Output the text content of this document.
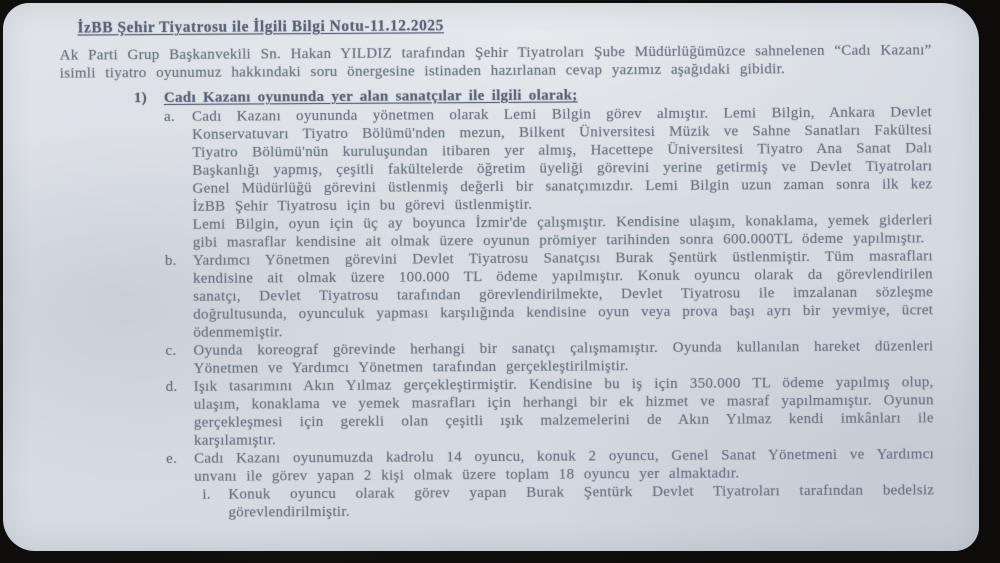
İzBB Şehir Tiyatrosu ile İlgili Bilgi Notu-11.12.2025

Ak Parti Grup Başkanvekili Sn. Hakan YILDIZ tarafından Şehir Tiyatroları Şube Müdürlüğümüzce sahnelenen “Cadı Kazanı” isimli tiyatro oyunumuz hakkındaki soru önergesine istinaden hazırlanan cevap yazımız aşağıdaki gibidir.

1)	Cadı Kazanı oyununda yer alan sanatçılar ile ilgili olarak;
a.	Cadı Kazanı oyununda yönetmen olarak Lemi Bilgin görev almıştır. Lemi Bilgin, Ankara Devlet Konservatuvarı Tiyatro Bölümü'nden mezun, Bilkent Üniversitesi Müzik ve Sahne Sanatları Fakültesi Tiyatro Bölümü'nün kuruluşundan itibaren yer almış, Hacettepe Üniversitesi Tiyatro Ana Sanat Dalı Başkanlığı yapmış, çeşitli fakültelerde öğretim üyeliği görevini yerine getirmiş ve Devlet Tiyatroları Genel Müdürlüğü görevini üstlenmiş değerli bir sanatçımızdır. Lemi Bilgin uzun zaman sonra ilk kez İzBB Şehir Tiyatrosu için bu görevi üstlenmiştir.

Lemi Bilgin, oyun için üç ay boyunca İzmir'de çalışmıştır. Kendisine ulaşım, konaklama, yemek giderleri gibi masraflar kendisine ait olmak üzere oyunun prömiyer tarihinden sonra 600.000TL ödeme yapılmıştır.

b.	Yardımcı Yönetmen görevini Devlet Tiyatrosu Sanatçısı Burak Şentürk üstlenmiştir. Tüm masrafları kendisine ait olmak üzere 100.000 TL ödeme yapılmıştır. Konuk oyuncu olarak da görevlendirilen sanatçı, Devlet Tiyatrosu tarafından görevlendirilmekte, Devlet Tiyatrosu ile imzalanan sözleşme doğrultusunda, oyunculuk yapması karşılığında kendisine oyun veya prova başı ayrı bir yevmiye, ücret ödenmemiştir.

c.	Oyunda koreograf görevinde herhangi bir sanatçı çalışmamıştır. Oyunda kullanılan hareket düzenleri Yönetmen ve Yardımcı Yönetmen tarafından gerçekleştirilmiştir.

d.	Işık tasarımını Akın Yılmaz gerçekleştirmiştir. Kendisine bu iş için 350.000 TL ödeme yapılmış olup, ulaşım, konaklama ve yemek masrafları için herhangi bir ek hizmet ve masraf yapılmamıştır. Oyunun gerçekleşmesi için gerekli olan çeşitli ışık malzemelerini de Akın Yılmaz kendi imkânları ile karşılamıştır.

e.	Cadı Kazanı oyunumuzda kadrolu 14 oyuncu, konuk 2 oyuncu, Genel Sanat Yönetmeni ve Yardımcı unvanı ile görev yapan 2 kişi olmak üzere toplam 18 oyuncu yer almaktadır.

i.	Konuk oyuncu olarak görev yapan Burak Şentürk Devlet Tiyatroları tarafından bedelsiz görevlendirilmiştir.
